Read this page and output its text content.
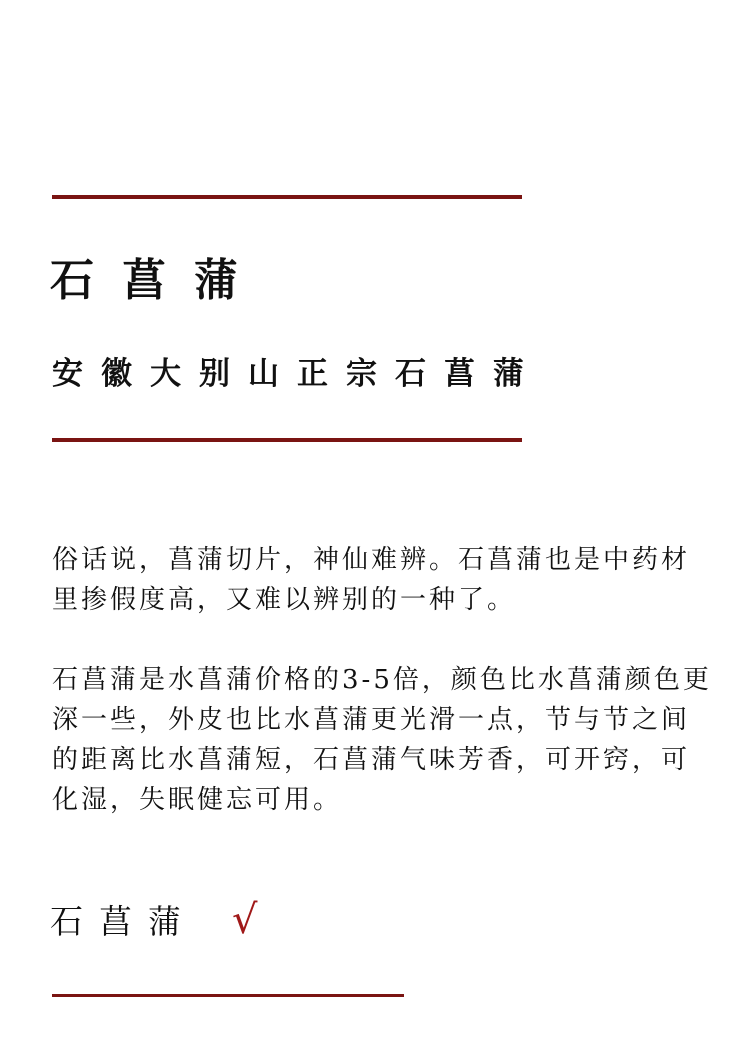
石菖蒲
安徽大别山正宗石菖蒲

俗话说，菖蒲切片，神仙难辨。石菖蒲也是中药材里掺假度高，又难以辨别的一种了。

石菖蒲是水菖蒲价格的3-5倍，颜色比水菖蒲颜色更深一些，外皮也比水菖蒲更光滑一点，节与节之间的距离比水菖蒲短，石菖蒲气味芳香，可开窍，可化湿，失眠健忘可用。

石菖蒲 √
